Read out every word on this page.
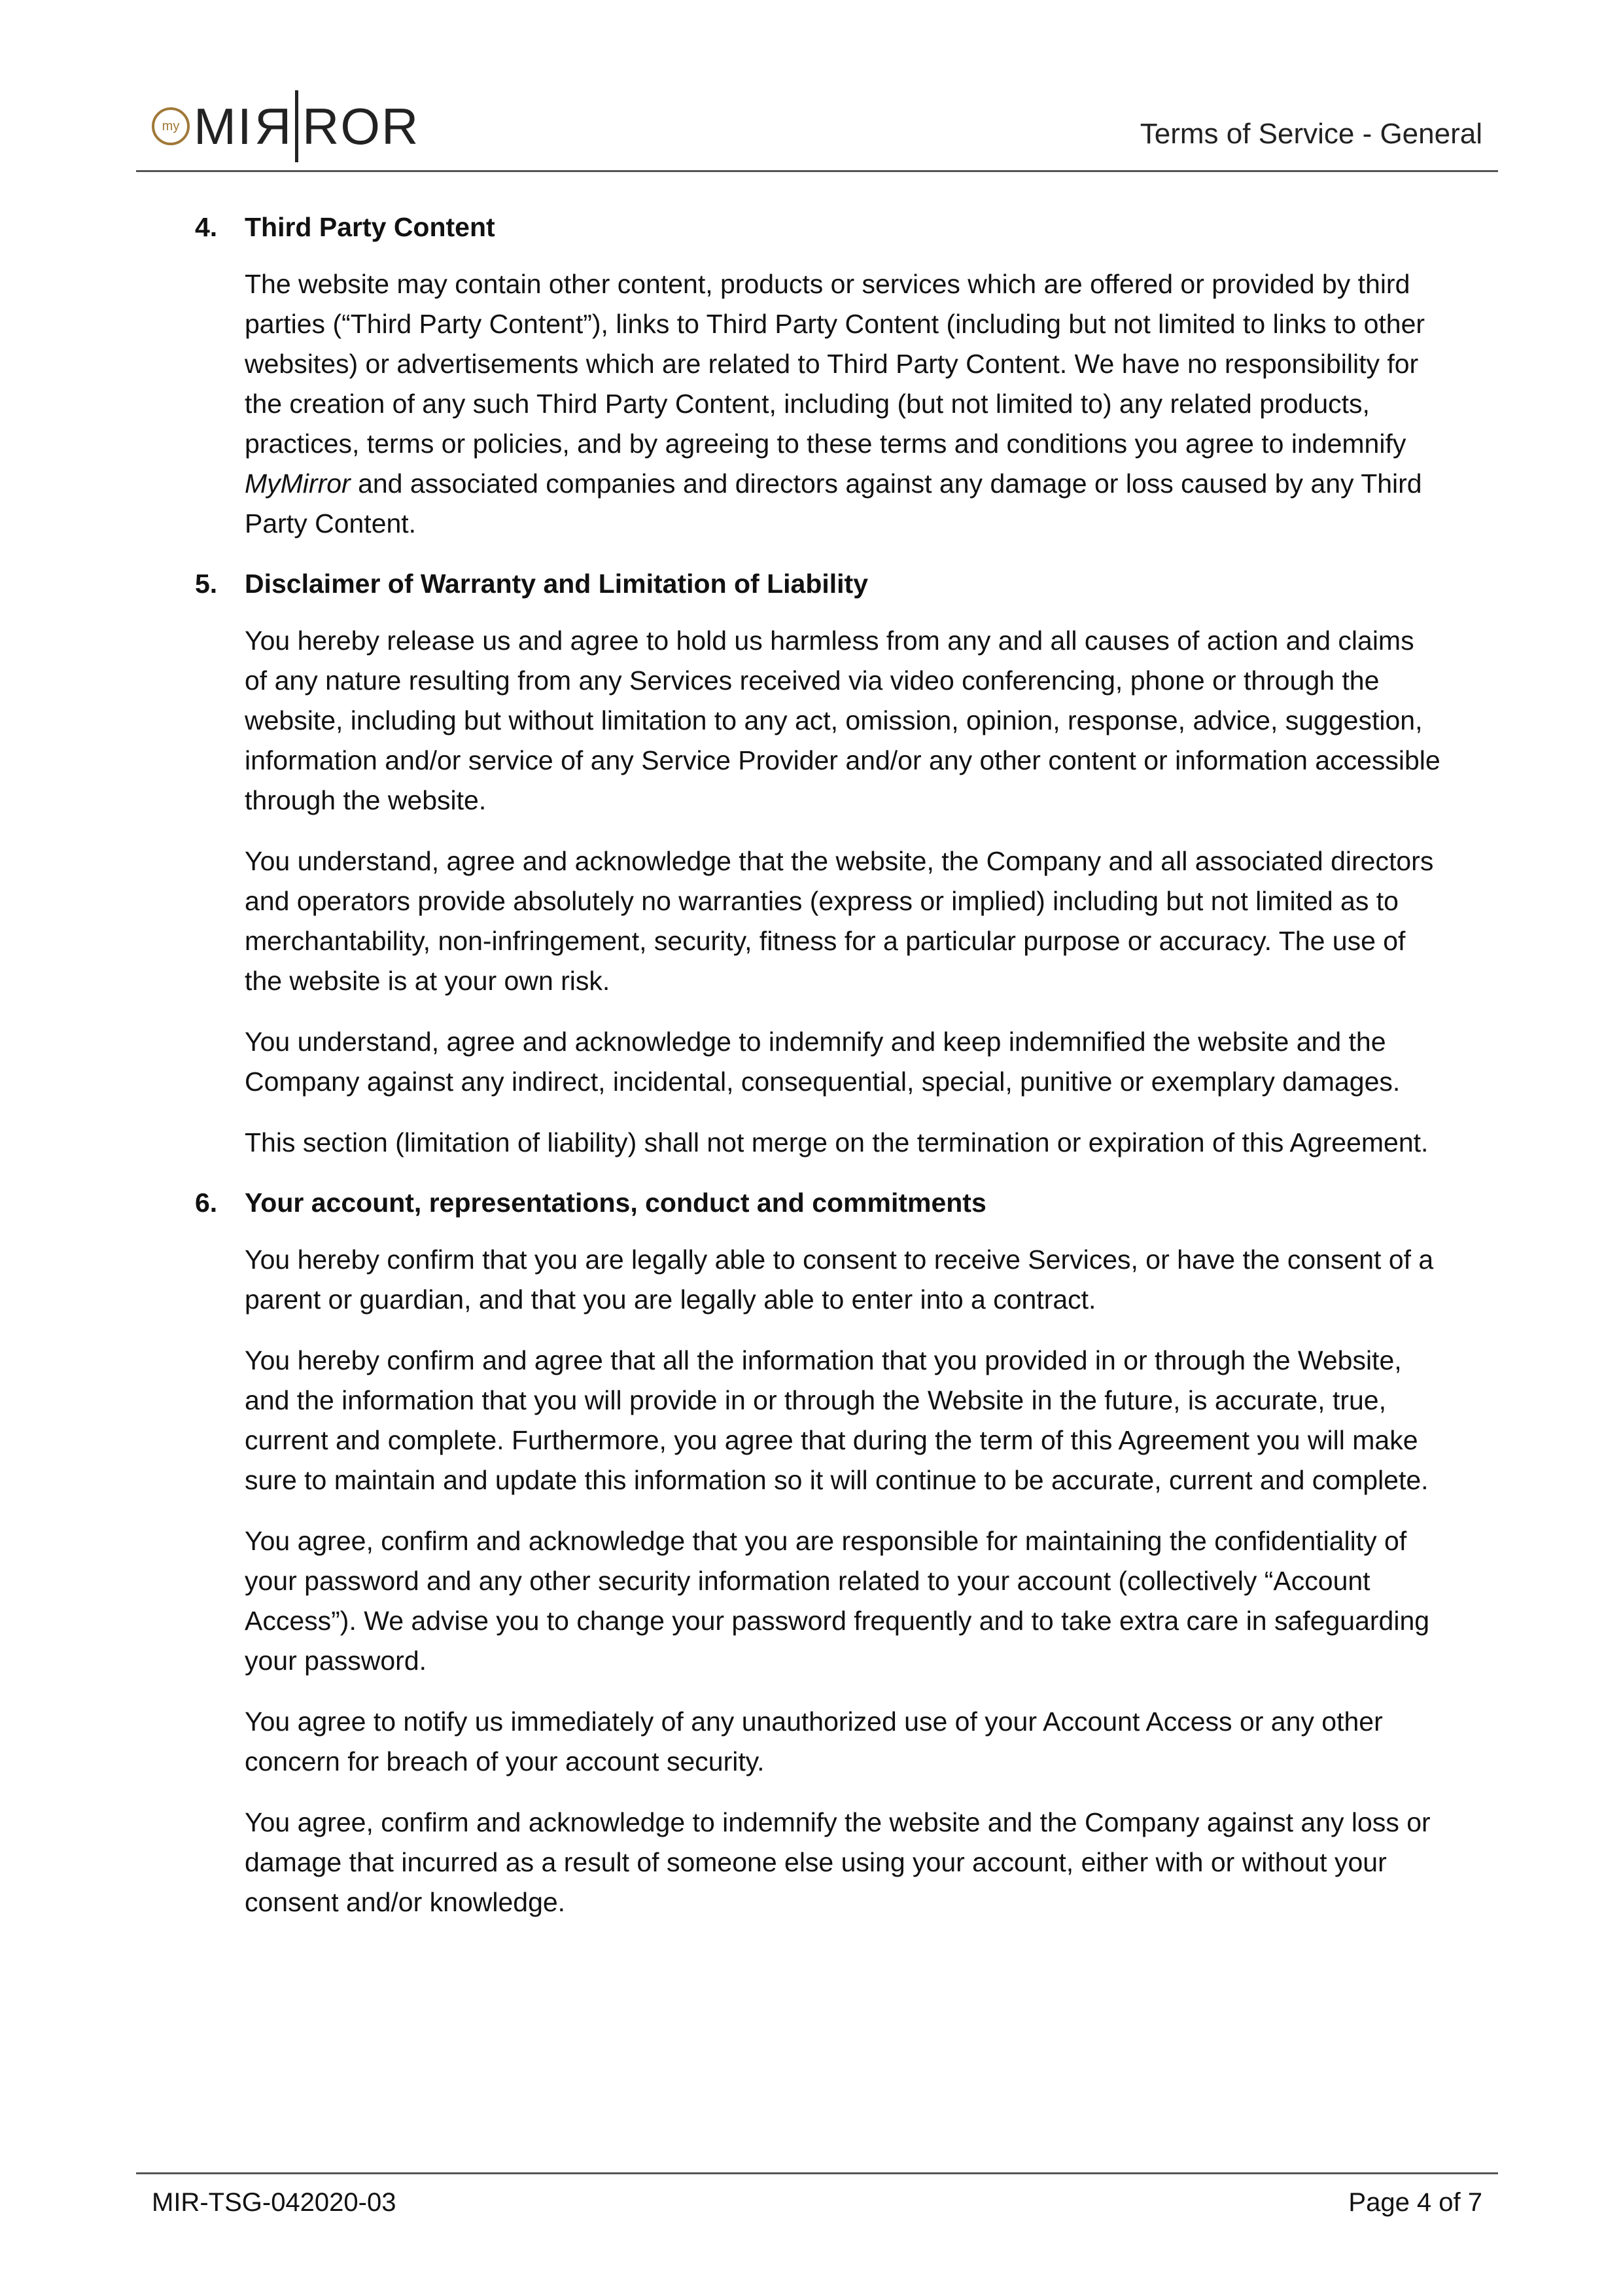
my MIR ROR	Terms of Service - General
4. Third Party Content

The website may contain other content, products or services which are offered or provided by third parties (“Third Party Content”), links to Third Party Content (including but not limited to links to other websites) or advertisements which are related to Third Party Content. We have no responsibility for the creation of any such Third Party Content, including (but not limited to) any related products, practices, terms or policies, and by agreeing to these terms and conditions you agree to indemnify MyMirror and associated companies and directors against any damage or loss caused by any Third Party Content.

5. Disclaimer of Warranty and Limitation of Liability

You hereby release us and agree to hold us harmless from any and all causes of action and claims of any nature resulting from any Services received via video conferencing, phone or through the website, including but without limitation to any act, omission, opinion, response, advice, suggestion, information and/or service of any Service Provider and/or any other content or information accessible through the website.

You understand, agree and acknowledge that the website, the Company and all associated directors and operators provide absolutely no warranties (express or implied) including but not limited as to merchantability, non-infringement, security, fitness for a particular purpose or accuracy. The use of the website is at your own risk.

You understand, agree and acknowledge to indemnify and keep indemnified the website and the Company against any indirect, incidental, consequential, special, punitive or exemplary damages.

This section (limitation of liability) shall not merge on the termination or expiration of this Agreement.

6. Your account, representations, conduct and commitments

You hereby confirm that you are legally able to consent to receive Services, or have the consent of a parent or guardian, and that you are legally able to enter into a contract.

You hereby confirm and agree that all the information that you provided in or through the Website, and the information that you will provide in or through the Website in the future, is accurate, true, current and complete. Furthermore, you agree that during the term of this Agreement you will make sure to maintain and update this information so it will continue to be accurate, current and complete.

You agree, confirm and acknowledge that you are responsible for maintaining the confidentiality of your password and any other security information related to your account (collectively “Account Access”). We advise you to change your password frequently and to take extra care in safeguarding your password.

You agree to notify us immediately of any unauthorized use of your Account Access or any other concern for breach of your account security.

You agree, confirm and acknowledge to indemnify the website and the Company against any loss or damage that incurred as a result of someone else using your account, either with or without your consent and/or knowledge.

MIR-TSG-042020-03	Page 4 of 7
